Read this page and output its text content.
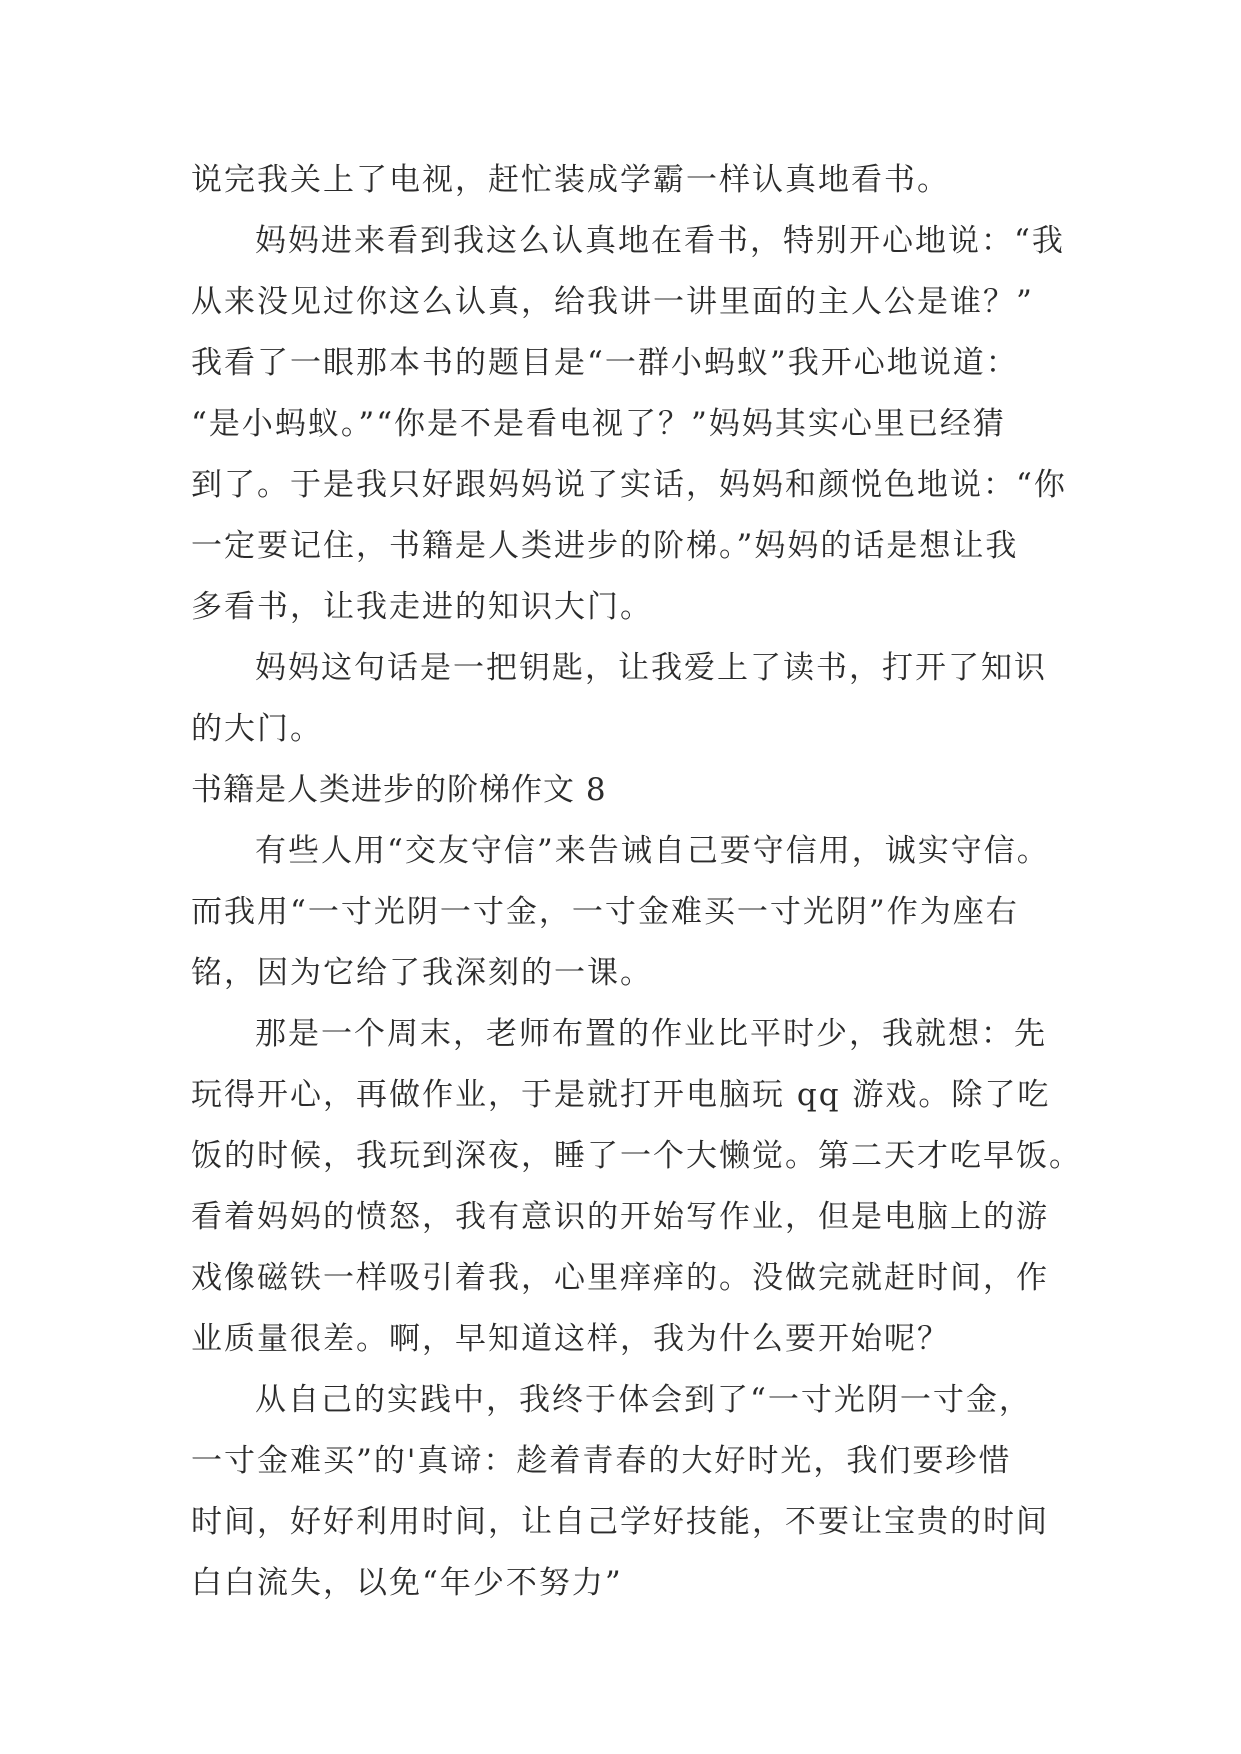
说完我关上了电视，赶忙装成学霸一样认真地看书。
妈妈进来看到我这么认真地在看书，特别开心地说：“我
从来没见过你这么认真，给我讲一讲里面的主人公是谁？”
我看了一眼那本书的题目是“一群小蚂蚁”我开心地说道：
“是小蚂蚁。”“你是不是看电视了？”妈妈其实心里已经猜
到了。于是我只好跟妈妈说了实话，妈妈和颜悦色地说：“你
一定要记住，书籍是人类进步的阶梯。”妈妈的话是想让我
多看书，让我走进的知识大门。
妈妈这句话是一把钥匙，让我爱上了读书，打开了知识
的大门。
书籍是人类进步的阶梯作文 8
有些人用“交友守信”来告诫自己要守信用，诚实守信。
而我用“一寸光阴一寸金，一寸金难买一寸光阴”作为座右
铭，因为它给了我深刻的一课。
那是一个周末，老师布置的作业比平时少，我就想：先
玩得开心，再做作业，于是就打开电脑玩 qq 游戏。除了吃
饭的时候，我玩到深夜，睡了一个大懒觉。第二天才吃早饭。
看着妈妈的愤怒，我有意识的开始写作业，但是电脑上的游
戏像磁铁一样吸引着我，心里痒痒的。没做完就赶时间，作
业质量很差。啊，早知道这样，我为什么要开始呢？
从自己的实践中，我终于体会到了“一寸光阴一寸金，
一寸金难买”的'真谛：趁着青春的大好时光，我们要珍惜
时间，好好利用时间，让自己学好技能，不要让宝贵的时间
白白流失，以免“年少不努力”
